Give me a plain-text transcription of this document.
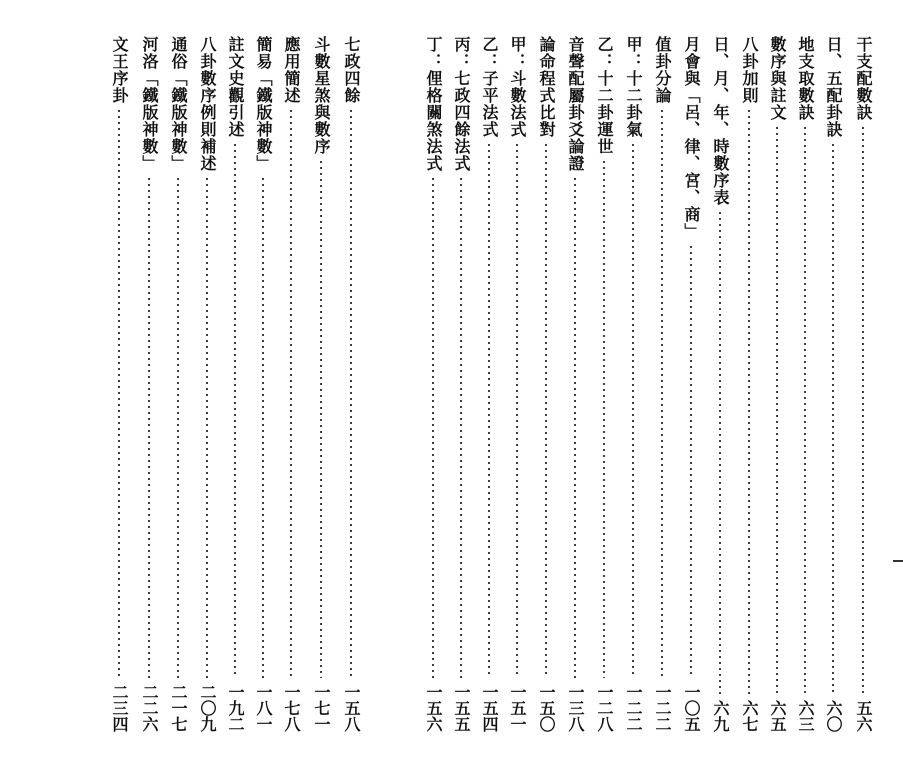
干支配數訣
五六
日、五配卦訣
六〇
地支取數訣
六三
數序與註文
六五
八卦加則
六七
日、月、年、時數序表
六九
月會與「呂、律、宮、商」
一〇五
值卦分論
一二二
甲：十二卦氣
一二二
乙：十二卦運世
一二八
音聲配屬卦爻論證
一三八
論命程式比對
一五〇
甲：斗數法式
一五一
乙：子平法式
一五四
丙：七政四餘法式
一五五
丁：俚格關煞法式
一五六
七政四餘
一五八
斗數星煞與數序
一七一
應用簡述
一七八
簡易「鐵版神數」
一八一
註文史觀引述
一九二
八卦數序例則補述
二〇九
通俗「鐵版神數」
二一七
河洛「鐵版神數」
二二六
文王序卦
二三四
